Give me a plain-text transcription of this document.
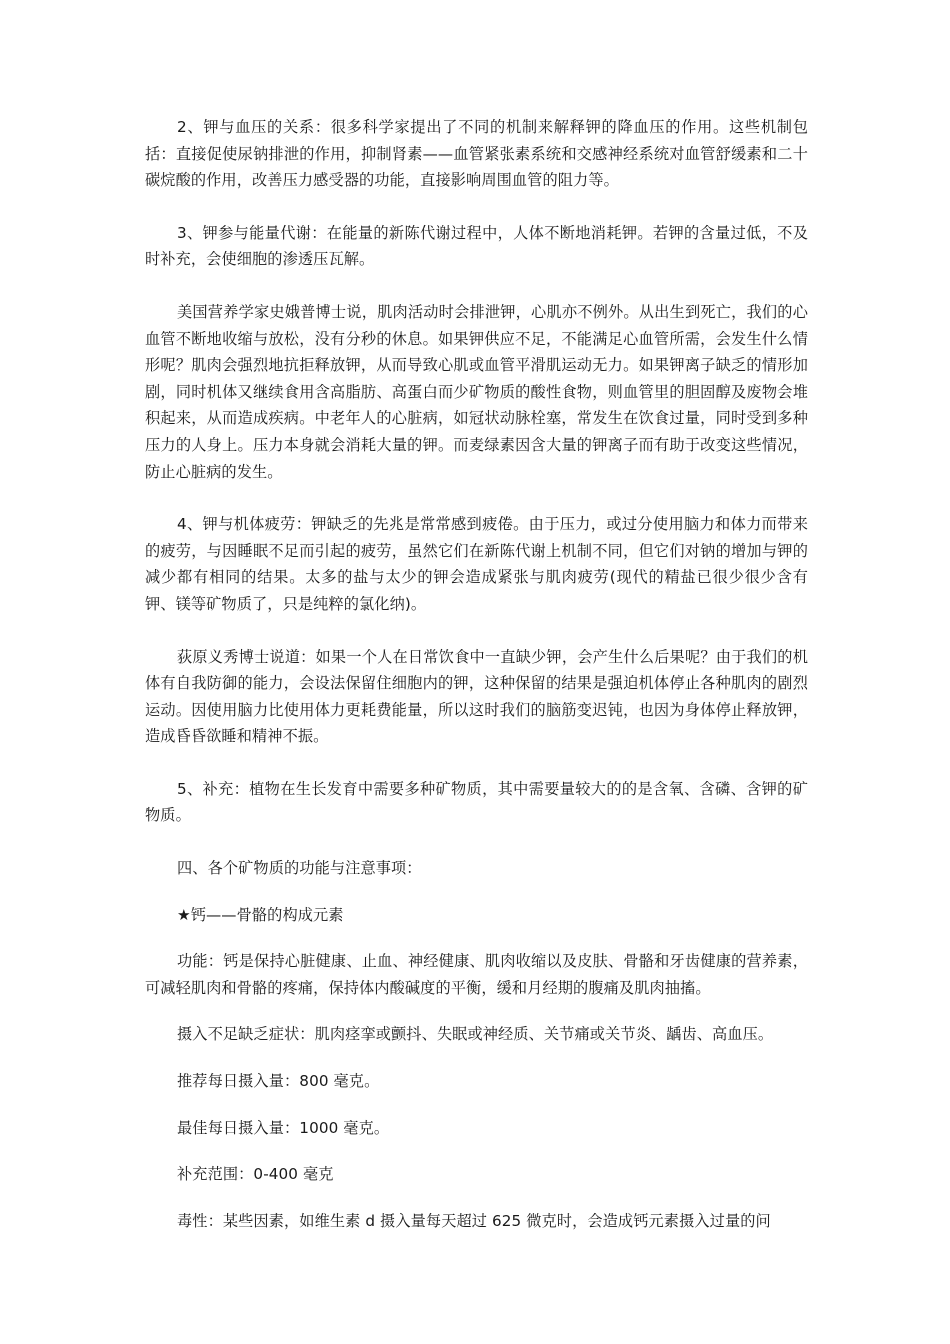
2、钾与血压的关系：很多科学家提出了不同的机制来解释钾的降血压的作用。这些机制包括：直接促使尿钠排泄的作用，抑制肾素——血管紧张素系统和交感神经系统对血管舒缓素和二十碳烷酸的作用，改善压力感受器的功能，直接影响周围血管的阻力等。

3、钾参与能量代谢：在能量的新陈代谢过程中，人体不断地消耗钾。若钾的含量过低，不及时补充，会使细胞的渗透压瓦解。

美国营养学家史娥普博士说，肌肉活动时会排泄钾，心肌亦不例外。从出生到死亡，我们的心血管不断地收缩与放松，没有分秒的休息。如果钾供应不足，不能满足心血管所需，会发生什么情形呢？肌肉会强烈地抗拒释放钾，从而导致心肌或血管平滑肌运动无力。如果钾离子缺乏的情形加剧，同时机体又继续食用含高脂肪、高蛋白而少矿物质的酸性食物，则血管里的胆固醇及废物会堆积起来，从而造成疾病。中老年人的心脏病，如冠状动脉栓塞，常发生在饮食过量，同时受到多种压力的人身上。压力本身就会消耗大量的钾。而麦绿素因含大量的钾离子而有助于改变这些情况，防止心脏病的发生。

4、钾与机体疲劳：钾缺乏的先兆是常常感到疲倦。由于压力，或过分使用脑力和体力而带来的疲劳，与因睡眠不足而引起的疲劳，虽然它们在新陈代谢上机制不同，但它们对钠的增加与钾的减少都有相同的结果。太多的盐与太少的钾会造成紧张与肌肉疲劳(现代的精盐已很少很少含有钾、镁等矿物质了，只是纯粹的氯化纳)。

荻原义秀博士说道：如果一个人在日常饮食中一直缺少钾，会产生什么后果呢？由于我们的机体有自我防御的能力，会设法保留住细胞内的钾，这种保留的结果是强迫机体停止各种肌肉的剧烈运动。因使用脑力比使用体力更耗费能量，所以这时我们的脑筋变迟钝，也因为身体停止释放钾，造成昏昏欲睡和精神不振。

5、补充：植物在生长发育中需要多种矿物质，其中需要量较大的的是含氧、含磷、含钾的矿物质。

四、各个矿物质的功能与注意事项：

★钙——骨骼的构成元素

功能：钙是保持心脏健康、止血、神经健康、肌肉收缩以及皮肤、骨骼和牙齿健康的营养素，可减轻肌肉和骨骼的疼痛，保持体内酸碱度的平衡，缓和月经期的腹痛及肌肉抽搐。

摄入不足缺乏症状：肌肉痉挛或颤抖、失眠或神经质、关节痛或关节炎、龋齿、高血压。

推荐每日摄入量：800 毫克。

最佳每日摄入量：1000 毫克。

补充范围：0-400 毫克

毒性：某些因素，如维生素 d 摄入量每天超过 625 微克时，会造成钙元素摄入过量的问
